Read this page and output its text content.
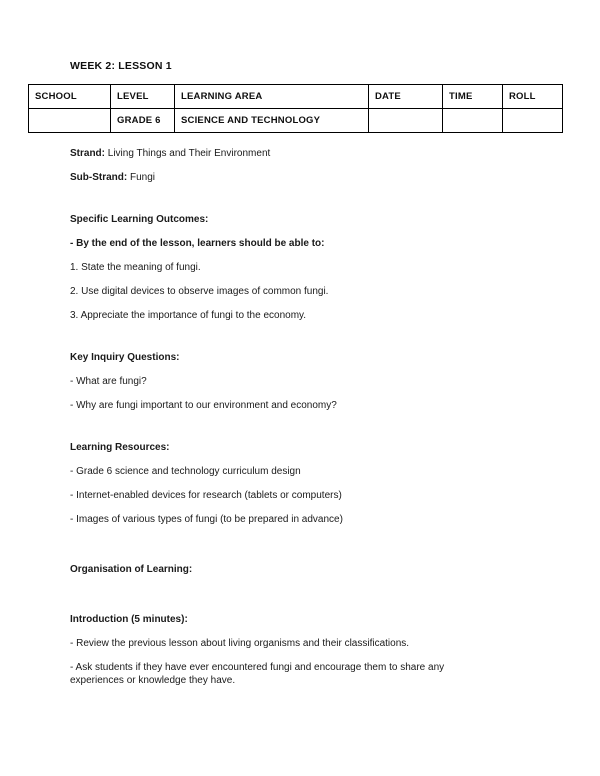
WEEK 2: LESSON 1
SCHOOL	LEVEL	LEARNING AREA	DATE	TIME	ROLL
	GRADE 6	SCIENCE AND TECHNOLOGY			

Strand: Living Things and Their Environment

Sub-Strand: Fungi

Specific Learning Outcomes:

- By the end of the lesson, learners should be able to:

1. State the meaning of fungi.

2. Use digital devices to observe images of common fungi.

3. Appreciate the importance of fungi to the economy.

Key Inquiry Questions:

- What are fungi?

- Why are fungi important to our environment and economy?

Learning Resources:

- Grade 6 science and technology curriculum design

- Internet-enabled devices for research (tablets or computers)

- Images of various types of fungi (to be prepared in advance)

Organisation of Learning:

Introduction (5 minutes):

- Review the previous lesson about living organisms and their classifications.

- Ask students if they have ever encountered fungi and encourage them to share any experiences or knowledge they have.
